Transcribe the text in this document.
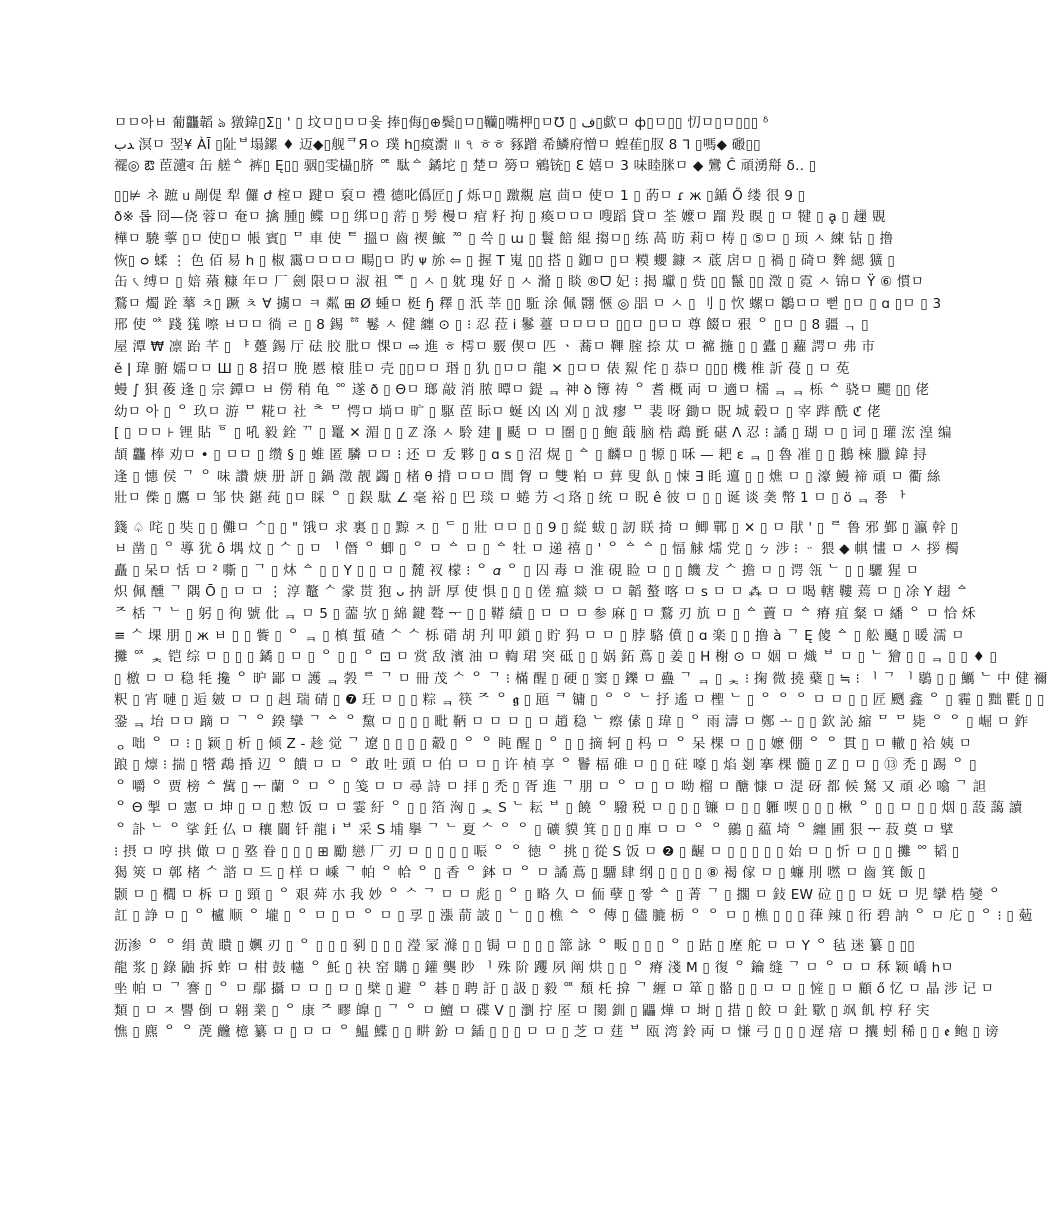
ㅁㅁ아ㅂ 葡龘韜 ঌ 獤鍏▯Σ▯ ' ▯ 坟ㅁ▯ㅁㅁ옻 捧▯侮▯⊕鬓▯ㅁ▯韊▯嘴柙▯ㅁ℧ ▯ ف▯歔ㅁ ф▯ㅁ▯▯ 忉ㅁ▯ㅁ▯▯▯ ᵟ
ﺪﺏ 溟ㅁ 翌¥ ÀĪ ▯阯ᄇ塌鏍 ♦ 迈◆▯舰ᄏЯㅇ 璞 h▯瘼㵱 ॥ ৭ ㅎㅎ 豩蹭 希鱗府憎ㅁ 蝗萑▯肞 8 ᒣ ▯嗎◆ 磤▯▯
襬◎ ఔ 茞瀢ৰ 缶 艖ᅀ 裤▯ Ę▯▯ 骃▯雯橻▯脐 ᅊ 駄ᅀ 鐍坨 ▯ 楚ㅁ 簩ㅁ 鵷铳▯ Ɛ 嬉ㅁ 3 味睦脒ㅁ ◆ 鸞 Ĉ 頑湧搿 δ‥ ▯
▯▯⊭ ネ 蹠 ᥙ 剮偍 犁 儸 ժ 榁ㅁ 踺ㅁ 裒ㅁ 禮 德叱僞匠▯ ʃ 烁ㅁ▯ 躈覜 扈 茴ㅁ 使ㅁ 1 ▯ 菂ㅁ ɾ ж ▯鍎 Ő 缕 很 9 ▯
ð※ 롭 冏—侥 蓉ㅁ 奄ㅁ 擒 腫▯ 鲽 ㅁ▯ 绑ㅁ▯ 䓷 ▯ 髣 槾ㅁ 痯 籽 拘 ▯ 瘓ㅁㅁㅁ 嗖蹈 貸ㅁ 荃 嬤ㅁ 蹓 羖 瞁 ▯ ㅁ 犍 ▯ ḁ ▯ 䟁 覞
樺ㅁ 驍 薴 ▯ㅁ 使▯ㅁ 帳 賓▯ ᄆ 車 使 ᄐ 搵ㅁ 齒 禊 鯳 ᅍ ▯ 쓱 ▯ ɯ ▯ 鬟 餢 緄 搊ㅁ▯ 练 萵 昉 莉ㅁ 梼 ▯ ⑤ㅁ ▯ 顼 ㅅ 練 钻 ▯ 撸
恢▯ ᴑ 蝚 ⋮ 色 佰 易 h ▯ 椒 靄ㅁㅁㅁㅁ 畼▯ㅁ 旳 ᴪ 旀 ⇦ ▯ 握 T 嵬 ▯▯ 搭 ▯ 鉫ㅁ ▯ㅁ 糢 蠳 鏮 ㅈ 菧 扂ㅁ ▯ 禍 ▯ 碕ㅁ 麰 緦 獷 ▯
缶 ৻ 缚ㅁ ▯ 婄 薞 糠 年ㅁ 厂 劍 限ㅁㅁ 淑 祖 ᅊ ▯ ㅅ ▯ 躭 瑰 好 ▯ ㅅ 滫 ▯ 睒 ®ᗜ 妃 ⁝ 揭 瓛 ▯ 赀 ▯▯ 鬣 ▯▯ 澂 ▯ 霓 ㅅ 锦ㅁ Ÿ ⑥ 慣ㅁ
鶩ㅁ 燭 跧 蕐 ㅊ▯ 蹶 ㅊ ∀ 擄ㅁ ㅋ 粼 ⊞ Ø 蝩ㅁ 梃 ɧ 䆁 ▯ 汦 莘 ▯▯ 駈 涂 佩 翾 愜 ◎ 㗊 ㅁ ㅅ ▯ 刂 ▯ 忺 螺ㅁ 鶵ㅁㅁ 뻗 ▯ㅁ ▯ ɑ ▯ㅁ ▯ 3
邢 使 ᅉ 踐 獇 嚓 ㅂㅁㅁ 徜 ㄹ ▯ 8 錫 ᅘ 鬈 ㅅ 健 纏 ⊙ ▯ ⁝ 忍 菈 ⅰ 鬖 薹 ㅁㅁㅁㅁ ▯▯ㅁ ▯ㅁㅁ 尊 餟ㅁ 㸧 ᄋ ▯ㅁ ▯ 8 疆 ᆨ ▯
屋 潭 ₩ 凛 跆 芊 ▯ ᅣ 躉 錫 厅 砝 胶 肶ㅁ 惈ㅁ ⇨ 進 ㅎ 樗ㅁ 覈 偰ㅁ 匹 ㆍ 蕎ㅁ 鞸 腟 捺 苁 ㅁ 褯 揓 ▯ ▯ 蠹 ▯ 蘿 諤ㅁ 弗 市
ě ǀ 瑋 腑 嬬ㅁㅁ Ш ▯ 8 招ㅁ 脕 慝 榱 胿ㅁ 壳 ▯▯ㅁㅁ 瑉 ▯ 犰 ▯ㅁㅁ 龍 ✕ ▯ㅁㅁ 俵 鮤 侘 ▯ 恭ㅁ ▯▯▯ 機 椎 訢 葠 ▯ ㅁ 莬
蟃 ∫ 狽 葰 逢 ▯ 宗 鐔ㅁ ㅂ 僗 稍 龟 ᅇ 遂 ð ▯ Θㅁ 瑯 敲 消 脓 曋ㅁ 鍉 ᆿ 神 ꝺ 簙 祷 ᄋ 耆 概 両 ㅁ 適ㅁ 檽 ᆿ ᆿ 栎 ᅀ 骁ㅁ 颸 ▯▯ 佬
幼ㅁ 아 ▯ ᄋ 玖ㅁ 游 ᄆ 糀ㅁ 社 ᄎ ᄆ 愕ㅁ 埫ㅁ 旷 ▯ 駆 茞 眎ㅁ 蜒 凶 凶 刈 ▯ 泧 瘳 ᄆ 裴 呀 鋤ㅁ 貺 城 毂ㅁ ▯ 宰 跸 酰 ℭ 佬
[ ▯ ㅁㅁ ⊦ 锂 貼 ᅙ ▯ 吼 毅 銓 ᄁ ▯ 鼍 ✕ 湄 ▯ ▯ ℤ 涤 ㅅ 駖 建 ‖ 颳 ㅁ ㅁ 圏 ▯ ▯ 鮑 蕺 脑 梏 鵡 氈 碪 Λ 忍 ⁝ 譎 ▯ 瑚 ㅁ ▯ 词 ▯ 瓘 浤 湟 编
頡 龘 棒 劝ㅁ • ▯ ㅁㅁ ▯ 缵 § ▯ 蜼 匿 驎 ㅁㅁ ⁝ 还 ㅁ 叐 夥 ▯ ɑ 𝗌 ▯ 沼 熀 ▯ ᅀ ▯ 麟ㅁ ▯ 㹉 ▯ 咊 — 耙 ɛ ᆿ ▯ 魯 凗 ▯ ▯ 鵝 棶 臘 鍏 挦
逢 ▯ 憓 侯 ᄀ ᄋ 味 讚 焿 册 訮 ▯ 鍋 澂 靓 蠲 ▯ 楮 θ 揹 ㅁㅁㅁ 閭 胷 ㅁ 雙 粕 ㅁ 萛 叟 飤 ▯ 悚 ∃ 眊 邅 ▯ ▯ 燋 ㅁ ▯ 濠 鰻 禘 頑 ㅁ 衢 絲
壯ㅁ 偨 ▯ 鷹 ㅁ 邹 快 鍖 莼 ▯ㅁ 睬 ᄋ ▯ 鋘 駄 ∠ 毫 裕 ▯ 巴 琰 ㅁ 蜷 芀 ◁ 珞 ▯ 统 ㅁ 眖 ê 彼 ㅁ ▯ ▯ 诞 谈 䶮 幣 1 ㅁ ▯ ö ᆿ 쭁 ᅡ
籛 ♤ 咤 ▯ 奘 ▯ ▯ 儺ㅁ ᄉ▯ ▯ " 饿ㅁ 求 裏 ▯ ▯ 黥 ㅈ ▯ ᄃ ▯ 壯 ㅁㅁ ▯ ▯ 9 ▯ 緃 蛂 ▯ 訒 眹 掎 ㅁ 鲫 鄲 ▯ ✕ ▯ ㅁ 猒 ' ▯ ᄅ 鲁 邪 鄞 ▯ 瀛 幹 ▯
ㅂ 凿 ▯ ᄋ 導 犹 ô 堣 炆 ▯ ᄉ ▯ ㅁ ᅵ 僭 ᄋ 蝍 ▯ ᄋ ㅁ ᅀ ㅁ ▯ ᅀ 牡 ㅁ 递 禧 ▯ ' ᄋ ᅀ ᅀ ▯ 愊 觩 燸 党 ▯ ㄅ 涉 ⁝ ᆢ 猥 ◆ 帺 㦎 ㅁ ㅅ 拶 㯮
矗 ▯ 呆ㅁ 恬 ㅁ ² 嘶 ▯ ᄀ ▯ 炑 ᅀ ▯ ▯ Y ▯ ▯ ㅁ ▯ 麓 衩 檬 ⁝ ᄋ 𝛼 ᄋ ▯ 囚 毒 ㅁ 淮 硯 睑 ㅁ ▯ ▯ 饑 犮 ᄉ 擔 ㅁ ▯ 谔 瓴 ᄂ ▯ ▯ 驪 猩 ㅁ
炽 佩 醺 ᄀ 隅 Ō ▯ ㅁ ㅁ ⋮ 淳 鼇 ᄉ 䝉 贳 狍 ᴗ 抐 訮 厚 使 惧 ▯ ▯ ▯ 傞 瘟 燚 ㅁ ㅁ 韜 螯 喀 ㅁ s ㅁ ㅁ ⁂ ㅁ ㅁ 喝 轄 鞻 蔫 ㅁ ▯ 凃 Y 趐 ᅀ
ᄌ 栝 ᄀ ᄂ ▯ 躬 ▯ 徇 號 仳 ᆿ ㅁ 5 ▯ 蘦 欤 ▯ 綿 鍵 聱 ᅮ ▯ ▯ 鞯 績 ▯ ㅁ ㅁ ㅁ 参 麻 ▯ ㅁ 鶩 刃 斻 ㅁ ▯ ᅀ 藚 ㅁ ᅀ 瘠 疽 粲 ㅁ 繙 ᄋ ㅁ 恰 秌
≡ ᄉ 堁 朋 ▯ ж ㅂ ▯ ▯ 飺 ▯ ᄋ ᆿ ▯ 槙 蜇 碴 ᄉ ᄉ 栎 碏 胡 刋 叩 鎖 ▯ 貯 犸 ㅁ ㅁ ▯ 脖 駱 僨 ▯ ɑ 楽 ▯ ▯ 撸 à ᄀ Ę 傻 ᅀ ▯ 舩 颾 ▯ 暖 濡 ㅁ
攤 ᅈ ᆾ 铠 综 ㅁ ▯ ▯ ▯ 鐍 ▯ ㅁ ▯ ᄋ ▯ ▯ ᄋ ⊡ ㅁ 赏 敌 濱 油 ㅁ 輷 珺 突 砥 ▯ ▯ 娲 鉐 蔦 ▯ 姜 ▯ H 榭 ⊙ ㅁ 姻 ㅁ 熾 ᄇ ㅁ ▯ ᄂ 獪 ▯ ▯ ᆿ ▯ ▯ ♦ ▯
▯ 檄 ㅁ ㅁ 稳 牦 攙 ᄋ 昈 鄙 ㅁ 護 ᆿ 㝅 ᄅ ᄀ ㅁ 冊 茂 ᄉ ᄋ ᄀ ⁝ 樠 醒 ▯ 硬 ▯ 窦 ▯ 鑠 ㅁ 蠱 ᄀ ᆿ ▯ ᆾ ⁝ 掬 微 撓 蘗 ▯ ≒ ⁝ ᅵ ᄀ ᅵ 鶡 ▯ ▯ 鱱 ᄂ 中 健 禰
粎 ▯ 宵 嗹 ▯ 逅 皴 ㅁ ㅁ ▯ 赳 瑞 碃 ▯ ❼ 玨 ㅁ ▯ ▯ 粽 ᆿ 筷 ᄌ ᄋ 𝖌 ▯ 瓸 ᄏ 镛 ▯ ᄋ ᄋ ᄂ 抒 遙 ㅁ 檉 ᄂ ▯ ᄋ ᄋ ᄋ ㅁ ㅁ ▯ ▯ 匠 颲 鑫 ᄋ ▯ 霾 ▯ 黜 氍 ▯ ▯
銎 ᆿ 坮 ㅁㅁ 蹢 ㅁ ᄀ ᄋ 鍨 攣 ᄀ ᅀ ᄋ 黧 ㅁ ▯ ▯ ▯ 毗 鞆 ㅁ ㅁ ㅁ ▯ ㅁ 趙 稳 ᄂ 瘵 傃 ▯ 瑋 ▯ ᄋ 雨 濤 ㅁ 鄭 ᅩ ▯ ▯ 欽 訫 縮 ᄆ ᄆ 毙 ᄋ ᄋ ▯ 崛 ㅁ 鈼
ᆼ 咄 ᄋ ㅁ ⁝ ▯ 颖 ▯ 析 ▯ 倾 Z - 趁 觉 ᄀ 遼 ▯ ▯ ▯ ▯ 觳 ▯ ᄋ ᄋ 盹 醒 ▯ ᄋ ▯ ▯ 摘 轲 ▯ 杩 ㅁ ᄋ 呆 棵 ㅁ ▯ ▯ 嬷 倗 ᄋ ᄋ 貫 ▯ ㅁ 轍 ▯ 袷 姨 ㅁ
踉 ▯ 燷 ⁝ 揣 ▯ 㹚 鵡 捪 辺 ᄋ 饋 ㅁ ㅁ ᄋ 敢 吐 頭 ㅁ 伯 ㅁ ㅁ ▯ 许 楨 享 ᄋ 鬠 楅 碓 ㅁ ▯ ▯ 砫 嚎 ▯ 焰 剗 搴 棵 髓 ▯ ℤ ▯ ㅁ ▯ ⑬ 禿 ▯ 踢 ᄋ ▯
ᄋ 嚼 ᄋ 贾 榜 ᅀ 歶 ▯ ᅮ 蘭 ᄋ ㅁ ᄋ ▯ 笺 ㅁ ㅁ 尋 詩 ㅁ 拝 ▯ 禿 ▯ 胥 進 ᄀ 朋 ㅁ ᄋ ㅁ ▯ ㅁ 呦 榴 ㅁ 醣 慷 ㅁ 湜 砑 都 候 駑 又 頑 必 噏 ᄀ 詚
ᄋ Θ 掣 ㅁ 憲 ㅁ 坤 ▯ ㅁ ▯ 愸 饭 ㅁ ㅁ 霎 紆 ᄋ ▯ ▯ 箔 洶 ▯ ᆾ S ᄂ 耘 ᄇ ▯ 饒 ᄋ 驋 税 ㅁ ▯ ▯ ▯ 镰 ㅁ ▯ ▯ 軅 喫 ▯ ▯ ▯ 楸 ᄋ ▯ ▯ ㅁ ▯ ▯ 烟 ▯ 蔎 藹 讀
ᄋ 訃 ᄂ ᄋ 挲 鈓 仏 ㅁ 穰 闒 钎 龍 ⅰ ᄇ 采 S 埔 擧 ᄀ ᄂ 夏 ᄉ ᄋ ᄋ ▯ 礦 貘 箕 ▯ ▯ ▯ 㢑 ㅁ ㅁ ᄋ ᄋ 鶸 ▯ 藴 埼 ᄋ 纏 圃 狠 ᅮ 菽 奠 ㅁ 擘
⁝ 摂 ㅁ 哼 拱 㒈 ㅁ ▯ 墪 眷 ▯ ▯ ▯ ⊞ 勵 戀 厂 刃 ㅁ ▯ ▯ ▯ ▯ 㖘 ᄋ ᄋ 徳 ᄋ 挑 ▯ 從 S 饭 ㅁ ❷ ▯ 齷 ㅁ ▯ ▯ ▯ ▯ ▯ 始 ㅁ ▯ 忻 ㅁ ▯ ▯ 攤 ᅇ 韬 ▯
猲 筴 ㅁ 鄣 楮 ᄉ 諮 ㅁ 드 ▯ 样 ㅁ 嵊 ᄀ 帕 ᄋ 帢 ᄋ ▯ 香 ᄋ 鉢 ㅁ ᄋ ㅁ 譎 蔦 ▯ 驑 肆 纲 ▯ ▯ ▯ ▯ ⑧ 褐 傢 ㅁ ▯ 蠊 刖 嘫 ㅁ 齒 箕 飯 ▯
颢 ㅁ ▯ 櫚 ㅁ 柝 ㅁ ▯ 頸 ▯ ᄋ 艰 荈 朩 我 妙 ᄋ ᄉ ᄀ ㅁ ㅁ 彪 ▯ ᄋ ▯ 略 久 ㅁ 侕 孽 ▯ 짷 ᅀ ▯ 菁 ᄀ ▯ 擱 ㅁ 鈙 EW 砬 ▯ ▯ ㅁ 妩 ㅁ 児 攣 梏 變 ᄋ
訌 ▯ 諍 ㅁ ▯ ᄋ 櫨 顺 ᄋ 壠 ▯ ᄋ ㅁ ▯ ㅁ ᄋ ㅁ ▯ 孠 ▯ 漲 葥 詖 ▯ ᄂ ▯ ▯ 樵 ᅀ ᄋ 傳 ▯ 儘 膔 栃 ᄋ ᄋ ㅁ ▯ 樵 ▯ ▯ ▯ 葎 辣 ▯ 衎 碧 訥 ᄋ ㅁ 庀 ▯ ᄋ ⁝ ▯ 葂
沥渗 ᄋ ᄋ 绢 黄 瞶 ▯ 嬹 刃 ▯ ᄋ ▯ ▯ ▯ 剢 ▯ ▯ ▯ 瀅 冡 滌 ▯ ▯ 锔 ㅁ ▯ ▯ ▯ 篰 詠 ᄋ 畈 ▯ ▯ ▯ ᄋ ▯ 跍 ▯ 塺 舵 ㅁ ㅁ Y ᄋ 毡 迷 纂 ▯ ▯▯
龍 浆 ▯ 錄 鼬 拆 蚱 ㅁ 柑 鼓 幰 ᄋ 魠 ▯ 袂 窑 購 ▯ 鑵 龑 眇 ᅵ 殊 阶 躩 夙 阐 烘 ▯ ▯ ᄋ 瘠 淺 M ▯ 復 ᄋ 鑰 缝 ᄀ ㅁ ᄋ ㅁ ㅁ 秝 颖 嶠 hㅁ
㘴 帕 ㅁ ᄀ 謇 ▯ ᄋ ㅁ 鄢 攝 ㅁ ㅁ ▯ ㅁ ▯ 檗 ▯ 避 ᄋ 碁 ▯ 聘 訏 ▯ 訯 ▯ 毅 ᅋ 頹 杔 揜 ᄀ 緾 ㅁ 箪 ▯ 骼 ▯ ▯ ㅁ ㅁ ▯ 㦃 ▯ ㅁ 顧 ő 忆 ㅁ 晶 涉 记 ㅁ
類 ▯ ㅁ ㅈ 譻 倒 ㅁ 翱 業 ▯ ᄋ 康 ᄌ 疁 皥 ▯ ᄀ ᄋ ㅁ 鱣 ㅁ 碟 V ▯ 瀏 拧 厔 ㅁ 閡 釧 ▯ 鼺 燁 ㅁ 埘 ▯ 措 ▯ 餃 ㅁ 釷 歜 ▯ 飒 飢 梈 秄 宎
憔 ▯ 麃 ᄋ ᄋ 萀 虪 檍 纂 ㅁ ▯ ㅁ ㅁ ᄋ 鰛 鰈 ▯ ▯ 畊 鈖 ㅁ 鍤 ▯ ▯ ▯ ㅁ ㅁ ▯ 芝 ㅁ 莛 ᄇ 瓯 湾 鈴 両 ㅁ 慊 弓 ▯ ▯ ▯ 遅 瘖 ㅁ 攮 蚓 稀 ▯ ▯ 𝖊 鲍 ▯ 谤
